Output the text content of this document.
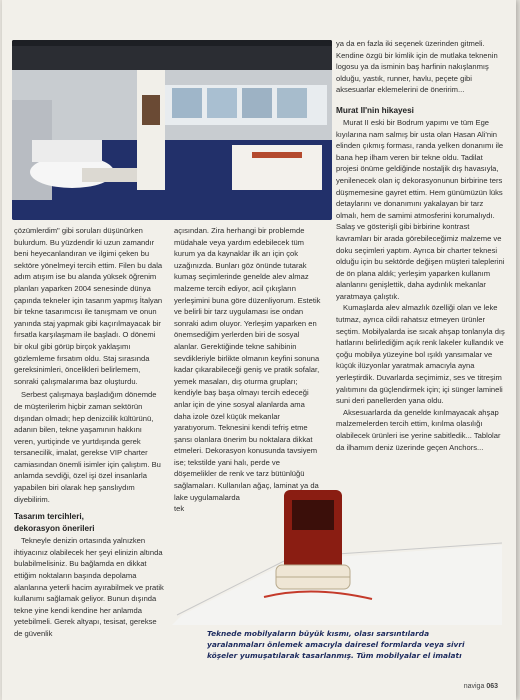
çözümlerdim" gibi soruları düşünürken bulurdum. Bu yüzdendir ki uzun zamandır beni heyecanlandıran ve ilgimi çeken bu sektöre yönelmeyi tercih ettim. Filen bu dala adım atışım ise bu alanda yüksek öğrenim planları yaparken 2004 senesinde dünya çapında tekneler için tasarım yapmış İtalyan bir tekne tasarımcısı ile tanışmam ve onun yanında staj yapmak gibi kaçırılmayacak bir fırsatla karşılaşmam ile başladı. O dönemi bir okul gibi görüp birçok yaklaşımı gözlemleme fırsatım oldu. Staj sırasında gereksinimleri, öncelikleri belirlemem, sonraki çalışmalarıma baz oluşturdu.

Serbest çalışmaya başladığım dönemde de müşterilerim hiçbir zaman sektörün dışından olmadı; hep denizcilik kültürünü, adanın bilen, tekne yaşamının hakkını veren, yurtiçinde ve yurtdışında gerek tersanecilik, imalat, gerekse VIP charter camiasından önemli isimler için çalıştım. Bu anlamda sevdiği, özel işi özel insanlarla yapabilen biri olarak hep şanslıydım diyebilirim.

Tasarım tercihleri,

dekorasyon önerileri

Tekneyle denizin ortasında yalnızken ihtiyacınız olabilecek her şeyi elinizin altında bulabilmelisiniz. Bu bağlamda en dikkat ettiğim noktaların başında depolama alanlarına yeterli hacim ayırabilmek ve pratik kullanımı sağlamak geliyor. Bunun dışında tekne yine kendi kendine her anlamda yetebilmeli. Gerek altyapı, tesisat, gerekse de güvenlik

açısından. Zira herhangi bir problemde müdahale veya yardım edebilecek tüm kurum ya da kaynaklar ilk arı için çok uzağınızda. Bunları göz önünde tutarak kumaş seçimlerinde genelde alev almaz malzeme tercih ediyor, acil çıkışların yerleşimini buna göre düzenliyorum. Estetik ve belirli bir tarz uygulaması ise ondan sonraki adım oluyor. Yerleşim yaparken en önemsediğim yerlerden biri de sosyal alanlar. Gerektiğinde tekne sahibinin sevdikleriyle birlikte olmanın keyfini sonuna kadar çıkarabileceği geniş ve pratik sofalar, yemek masaları, dış oturma grupları; kendiyle baş başa olmayı tercih edeceği anlar için de yine sosyal alanlarda ama daha izole özel küçük mekanlar yaratıyorum. Teknesini kendi tefriş etme şansı olanlara önerim bu noktalara dikkat etmeleri. Dekorasyon konusunda tavsiyem ise; tekstilde yani halı, perde ve döşemelikler de renk ve tarz bütünlüğü sağlamaları. Kullanılan ağaç, laminat ya da lake uygulamalarda

tek

ya da en fazla iki seçenek üzerinden gitmeli. Kendine özgü bir kimlik için de mutlaka teknenin logosu ya da isminin baş harfinin nakışlanmış olduğu, yastık, runner, havlu, peçete gibi aksesuarlar eklemelerini de öneririm...

Murat II'nin hikayesi

Murat II eski bir Bodrum yapımı ve tüm Ege kıyılarına nam salmış bir usta olan Hasan Ali'nin elinden çıkmış forması, randa yelken donanımı ile bana hep ilham veren bir tekne oldu. Tadilat projesi önüme geldiğinde nostaljik dış havasıyla, yenilenecek olan iç dekorasyonunun birbirine ters düşmemesine gayret ettim. Hem günümüzün lüks detaylarını ve donanımını yakalayan bir tarz olmalı, hem de samimi atmosferini korumalıydı. Salaş ve gösterişli gibi birbirine kontrast kavramları bir arada görebileceğimiz malzeme ve doku seçimleri yaptım. Ayrıca bir charter teknesi olduğu için bu sektörde değişen müşteri taleplerini de ön plana aldık; yerleşim yaparken kullanım alanlarını genişlettik, daha aydınlık mekanlar yaratmaya çalıştık.

Kumaşlarda alev almazlık özelliği olan ve leke tutmaz, ayrıca cildi rahatsız etmeyen ürünler seçtim. Mobilyalarda ise sıcak ahşap tonlarıyla dış hatlarını belirlediğim açık renk lakeler kullandık ve çoğu mobilya yüzeyine bol ışıklı yansımalar ve küçük ilüzyonlar yaratmak amacıyla ayna yerleştirdik. Duvarlarda seçimimiz, ses ve titreşim yalıtımını da güçlendirmek için; içi sünger lamineli suni deri panellerden yana oldu.

Aksesuarlarda da genelde kırılmayacak ahşap malzemelerden tercih ettim, kırılma olasılığı olabilecek ürünleri ise yerine sabitledik... Tablolar da ilhamım deniz üzerinde geçen Anchors...

Teknede mobilyaların büyük kısmı, olası sarsıntılarda yaralanmaları önlemek amacıyla dairesel formlarda veya sivri köşeler yumuşatılarak tasarlanmış. Tüm mobilyalar el imalatı
naviga 063
